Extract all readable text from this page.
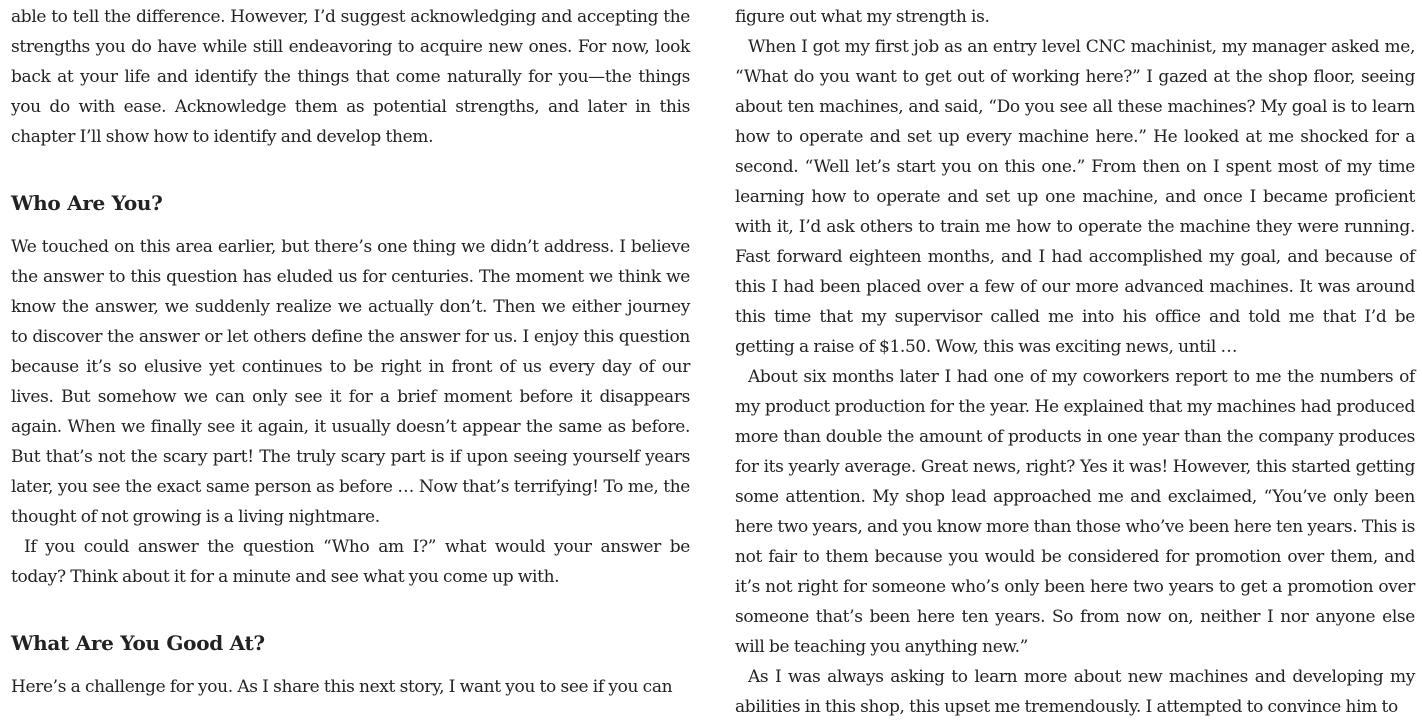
able to tell the difference. However, I’d suggest acknowledging and accepting the strengths you do have while still endeavoring to acquire new ones. For now, look back at your life and identify the things that come naturally for you—the things you do with ease. Acknowledge them as potential strengths, and later in this chapter I’ll show how to identify and develop them.

Who Are You?

We touched on this area earlier, but there’s one thing we didn’t address. I believe the answer to this question has eluded us for centuries. The moment we think we know the answer, we suddenly realize we actually don’t. Then we either journey to discover the answer or let others define the answer for us. I enjoy this question because it’s so elusive yet continues to be right in front of us every day of our lives. But somehow we can only see it for a brief moment before it disappears again. When we finally see it again, it usually doesn’t appear the same as before. But that’s not the scary part! The truly scary part is if upon seeing yourself years later, you see the exact same person as before … Now that’s terrifying! To me, the thought of not growing is a living nightmare.

If you could answer the question “Who am I?” what would your answer be today? Think about it for a minute and see what you come up with.

What Are You Good At?

Here’s a challenge for you. As I share this next story, I want you to see if you can

figure out what my strength is.

When I got my first job as an entry level CNC machinist, my manager asked me, “What do you want to get out of working here?” I gazed at the shop floor, seeing about ten machines, and said, “Do you see all these machines? My goal is to learn how to operate and set up every machine here.” He looked at me shocked for a second. “Well let’s start you on this one.” From then on I spent most of my time learning how to operate and set up one machine, and once I became proficient with it, I’d ask others to train me how to operate the machine they were running. Fast forward eighteen months, and I had accomplished my goal, and because of this I had been placed over a few of our more advanced machines. It was around this time that my supervisor called me into his office and told me that I’d be getting a raise of $1.50. Wow, this was exciting news, until …

About six months later I had one of my coworkers report to me the numbers of my product production for the year. He explained that my machines had produced more than double the amount of products in one year than the company produces for its yearly average. Great news, right? Yes it was! However, this started getting some attention. My shop lead approached me and exclaimed, “You’ve only been here two years, and you know more than those who’ve been here ten years. This is not fair to them because you would be considered for promotion over them, and it’s not right for someone who’s only been here two years to get a promotion over someone that’s been here ten years. So from now on, neither I nor anyone else will be teaching you anything new.”

As I was always asking to learn more about new machines and developing my abilities in this shop, this upset me tremendously. I attempted to convince him to
